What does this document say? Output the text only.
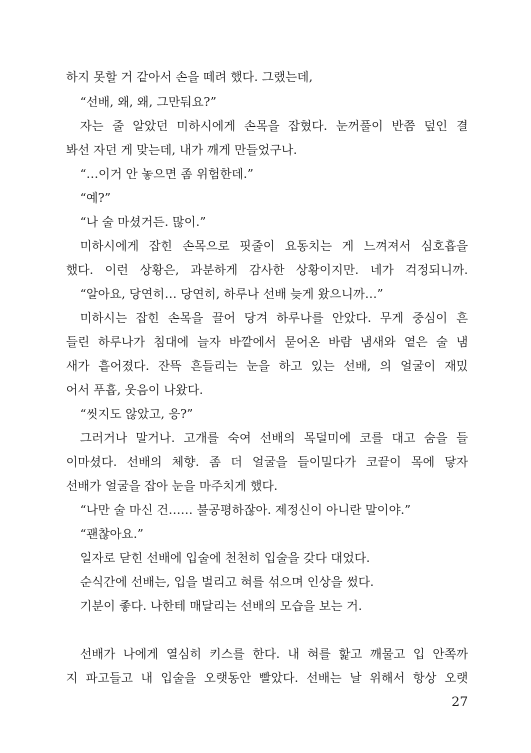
하지 못할 거 같아서 손을 떼려 했다. 그랬는데,
“선배, 왜, 왜, 그만둬요?”
자는 줄 알았던 미하시에게 손목을 잡혔다. 눈꺼풀이 반쯤 덮인 결
봐선 자던 게 맞는데, 내가 깨게 만들었구나.
“…이거 안 놓으면 좀 위험한데.”
“예?”
“나 술 마셨거든. 많이.”
미하시에게 잡힌 손목으로 핏줄이 요동치는 게 느껴져서 심호흡을
했다. 이런 상황은, 과분하게 감사한 상황이지만. 네가 걱정되니까.
“알아요, 당연히… 당연히, 하루나 선배 늦게 왔으니까…”
미하시는 잡힌 손목을 끌어 당겨 하루나를 안았다. 무게 중심이 흔
들린 하루나가 침대에 늘자 바깥에서 묻어온 바람 냄새와 옅은 술 냄
새가 흩어졌다. 잔뜩 흔들리는 눈을 하고 있는 선배, 의 얼굴이 재밌
어서 푸흡, 웃음이 나왔다.
“씻지도 않았고, 응?”
그러거나 말거나. 고개를 숙여 선배의 목덜미에 코를 대고 숨을 들
이마셨다. 선배의 체향. 좀 더 얼굴을 들이밀다가 코끝이 목에 닿자
선배가 얼굴을 잡아 눈을 마주치게 했다.
“나만 술 마신 건…… 불공평하잖아. 제정신이 아니란 말이야.”
“괜찮아요.”
일자로 닫힌 선배에 입술에 천천히 입술을 갖다 대었다.
순식간에 선배는, 입을 벌리고 혀를 섞으며 인상을 썼다.
기분이 좋다. 나한테 매달리는 선배의 모습을 보는 거.
선배가 나에게 열심히 키스를 한다. 내 혀를 핥고 깨물고 입 안쪽까
지 파고들고 내 입술을 오랫동안 빨았다. 선배는 날 위해서 항상 오랫
27
